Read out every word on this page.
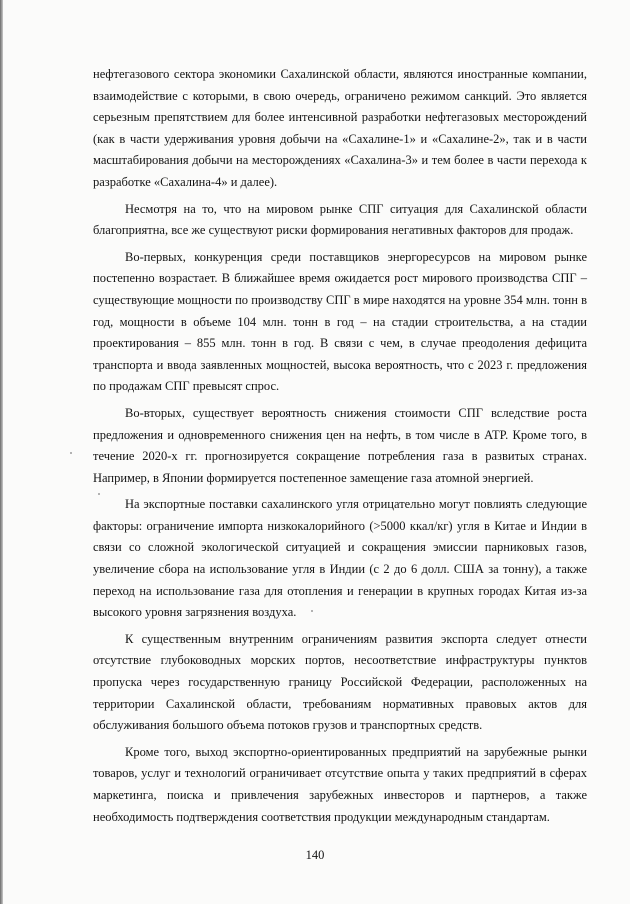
нефтегазового сектора экономики Сахалинской области, являются иностранные компании, взаимодействие с которыми, в свою очередь, ограничено режимом санкций. Это является серьезным препятствием для более интенсивной разработки нефтегазовых месторождений (как в части удерживания уровня добычи на «Сахалине-1» и «Сахалине-2», так и в части масштабирования добычи на месторождениях «Сахалина-3» и тем более в части перехода к разработке «Сахалина-4» и далее).

Несмотря на то, что на мировом рынке СПГ ситуация для Сахалинской области благоприятна, все же существуют риски формирования негативных факторов для продаж.

Во-первых, конкуренция среди поставщиков энергоресурсов на мировом рынке постепенно возрастает. В ближайшее время ожидается рост мирового производства СПГ – существующие мощности по производству СПГ в мире находятся на уровне 354 млн. тонн в год, мощности в объеме 104 млн. тонн в год – на стадии строительства, а на стадии проектирования – 855 млн. тонн в год. В связи с чем, в случае преодоления дефицита транспорта и ввода заявленных мощностей, высока вероятность, что с 2023 г. предложения по продажам СПГ превысят спрос.

Во-вторых, существует вероятность снижения стоимости СПГ вследствие роста предложения и одновременного снижения цен на нефть, в том числе в АТР. Кроме того, в течение 2020-х гг. прогнозируется сокращение потребления газа в развитых странах. Например, в Японии формируется постепенное замещение газа атомной энергией.

На экспортные поставки сахалинского угля отрицательно могут повлиять следующие факторы: ограничение импорта низкокалорийного (>5000 ккал/кг) угля в Китае и Индии в связи со сложной экологической ситуацией и сокращения эмиссии парниковых газов, увеличение сбора на использование угля в Индии (с 2 до 6 долл. США за тонну), а также переход на использование газа для отопления и генерации в крупных городах Китая из-за высокого уровня загрязнения воздуха.

К существенным внутренним ограничениям развития экспорта следует отнести отсутствие глубоководных морских портов, несоответствие инфраструктуры пунктов пропуска через государственную границу Российской Федерации, расположенных на территории Сахалинской области, требованиям нормативных правовых актов для обслуживания большого объема потоков грузов и транспортных средств.

Кроме того, выход экспортно-ориентированных предприятий на зарубежные рынки товаров, услуг и технологий ограничивает отсутствие опыта у таких предприятий в сферах маркетинга, поиска и привлечения зарубежных инвесторов и партнеров, а также необходимость подтверждения соответствия продукции международным стандартам.

140
